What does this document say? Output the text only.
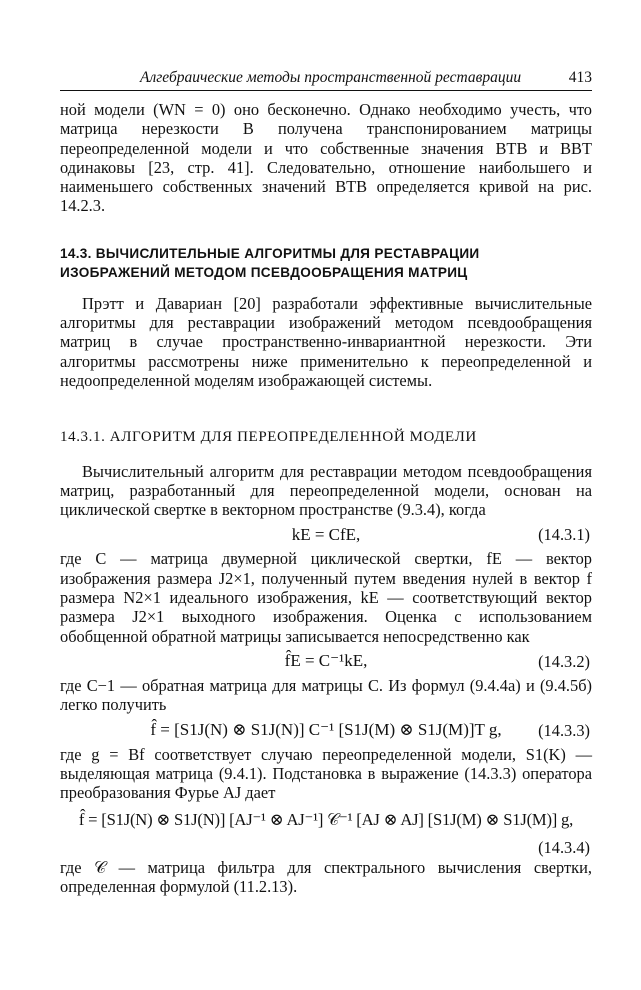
Алгебраические методы пространственной реставрации	413

ной модели (WN = 0) оно бесконечно. Однако необходимо учесть, что матрица нерезкости B получена транспонированием матрицы переопределенной модели и что собственные значения BTB и BBT одинаковы [23, стр. 41]. Следовательно, отношение наибольшего и наименьшего собственных значений BTB определяется кривой на рис. 14.2.3.

14.3. ВЫЧИСЛИТЕЛЬНЫЕ АЛГОРИТМЫ ДЛЯ РЕСТАВРАЦИИ ИЗОБРАЖЕНИЙ МЕТОДОМ ПСЕВДООБРАЩЕНИЯ МАТРИЦ

Прэтт и Давариан [20] разработали эффективные вычислительные алгоритмы для реставрации изображений методом псевдообращения матриц в случае пространственно-инвариантной нерезкости. Эти алгоритмы рассмотрены ниже применительно к переопределенной и недоопределенной моделям изображающей системы.

14.3.1. АЛГОРИТМ ДЛЯ ПЕРЕОПРЕДЕЛЕННОЙ МОДЕЛИ

Вычислительный алгоритм для реставрации методом псевдообращения матриц, разработанный для переопределенной модели, основан на циклической свертке в векторном пространстве (9.3.4), когда

kE = CfE,	(14.3.1)

где C — матрица двумерной циклической свертки, fE — вектор изображения размера J2×1, полученный путем введения нулей в вектор f размера N2×1 идеального изображения, kE — соответствующий вектор размера J2×1 выходного изображения. Оценка с использованием обобщенной обратной матрицы записывается непосредственно как

f̂E = C⁻¹kE,	(14.3.2)

где C−1 — обратная матрица для матрицы C. Из формул (9.4.4а) и (9.4.5б) легко получить

f̂ = [S1J(N) ⊗ S1J(N)] C⁻¹ [S1J(M) ⊗ S1J(M)]T g, (14.3.3)

где g = Bf соответствует случаю переопределенной модели, S1(K) — выделяющая матрица (9.4.1). Подстановка в выражение (14.3.3) оператора преобразования Фурье AJ дает

f̂ = [S1J(N) ⊗ S1J(N)] [AJ⁻¹ ⊗ AJ⁻¹] 𝒞⁻¹ [AJ ⊗ AJ] [S1J(M) ⊗ S1J(M)] g,
(14.3.4)

где 𝒞 — матрица фильтра для спектрального вычисления свертки, определенная формулой (11.2.13).
